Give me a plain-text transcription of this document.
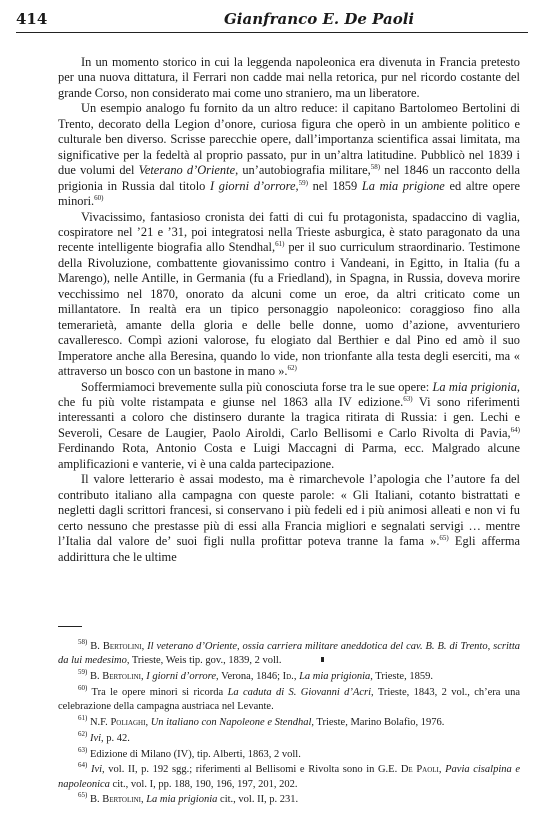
414	Gianfranco E. De Paoli

In un momento storico in cui la leggenda napoleonica era divenuta in Francia pretesto per una nuova dittatura, il Ferrari non cadde mai nella retorica, pur nel ricordo costante del grande Corso, non considerato mai come uno straniero, ma un liberatore.

Un esempio analogo fu fornito da un altro reduce: il capitano Bartolomeo Bertolini di Trento, decorato della Legion d’onore, curiosa figura che operò in un ambiente politico e culturale ben diverso. Scrisse parecchie opere, dall’importanza scientifica assai limitata, ma significative per la fedeltà al proprio passato, pur in un’altra latitudine. Pubblicò nel 1839 i due volumi del Veterano d’Oriente, un’autobiografia militare,$^{58)}$ nel 1846 un racconto della prigionia in Russia dal titolo I giorni d’orrore,$^{59)}$ nel 1859 La mia prigione ed altre opere minori.$^{60)}$

Vivacissimo, fantasioso cronista dei fatti di cui fu protagonista, spadaccino di vaglia, cospiratore nel ’21 e ’31, poi integratosi nella Trieste asburgica, è stato paragonato da una recente intelligente biografia allo Stendhal,$^{61)}$ per il suo curriculum straordinario. Testimone della Rivoluzione, combattente giovanissimo contro i Vandeani, in Egitto, in Italia (fu a Marengo), nelle Antille, in Germania (fu a Friedland), in Spagna, in Russia, doveva morire vecchissimo nel 1870, onorato da alcuni come un eroe, da altri criticato come un millantatore. In realtà era un tipico personaggio napoleonico: coraggioso fino alla temerarietà, amante della gloria e delle belle donne, uomo d’azione, avventuriero cavalleresco. Compì azioni valorose, fu elogiato dal Berthier e dal Pino ed amò il suo Imperatore anche alla Beresina, quando lo vide, non trionfante alla testa degli eserciti, ma « attraverso un bosco con un bastone in mano ».$^{62)}$

Soffermiamoci brevemente sulla più conosciuta forse tra le sue opere: La mia prigionia, che fu più volte ristampata e giunse nel 1863 alla IV edizione.$^{63)}$ Vi sono riferimenti interessanti a coloro che distinsero durante la tragica ritirata di Russia: i gen. Lechi e Severoli, Cesare de Laugier, Paolo Airoldi, Carlo Bellisomi e Carlo Rivolta di Pavia,$^{64)}$ Ferdinando Rota, Antonio Costa e Luigi Maccagni di Parma, ecc. Malgrado alcune amplificazioni e vanterie, vi è una calda partecipazione.

Il valore letterario è assai modesto, ma è rimarchevole l’apologia che l’autore fa del contributo italiano alla campagna con queste parole: « Gli Italiani, cotanto bistrattati e negletti dagli scrittori francesi, si conservano i più fedeli ed i più animosi alleati e non vi fu certo nessuno che prestasse più di essi alla Francia migliori e segnalati servigi … mentre l’Italia dal valore de’ suoi figli nulla profittar poteva tranne la fama ».$^{65)}$ Egli afferma addirittura che le ultime

$^{58)}$ B. Bertolini, Il veterano d’Oriente, ossia carriera militare aneddotica del cav. B. B. di Trento, scritta da lui medesimo, Trieste, Weis tip. gov., 1839, 2 voll.

$^{59)}$ B. Bertolini, I giorni d’orrore, Verona, 1846; Id., La mia prigionia, Trieste, 1859.

$^{60)}$ Tra le opere minori si ricorda La caduta di S. Giovanni d’Acri, Trieste, 1843, 2 vol., ch’era una celebrazione della campagna austriaca nel Levante.

$^{61)}$ N.F. Poliaghi, Un italiano con Napoleone e Stendhal, Trieste, Marino Bolafio, 1976.

$^{62)}$ Ivi, p. 42.

$^{63)}$ Edizione di Milano (IV), tip. Alberti, 1863, 2 voll.

$^{64)}$ Ivi, vol. II, p. 192 sgg.; riferimenti al Bellisomi e Rivolta sono in G.E. De Paoli, Pavia cisalpina e napoleonica cit., vol. I, pp. 188, 190, 196, 197, 201, 202.

$^{65)}$ B. Bertolini, La mia prigionia cit., vol. II, p. 231.
